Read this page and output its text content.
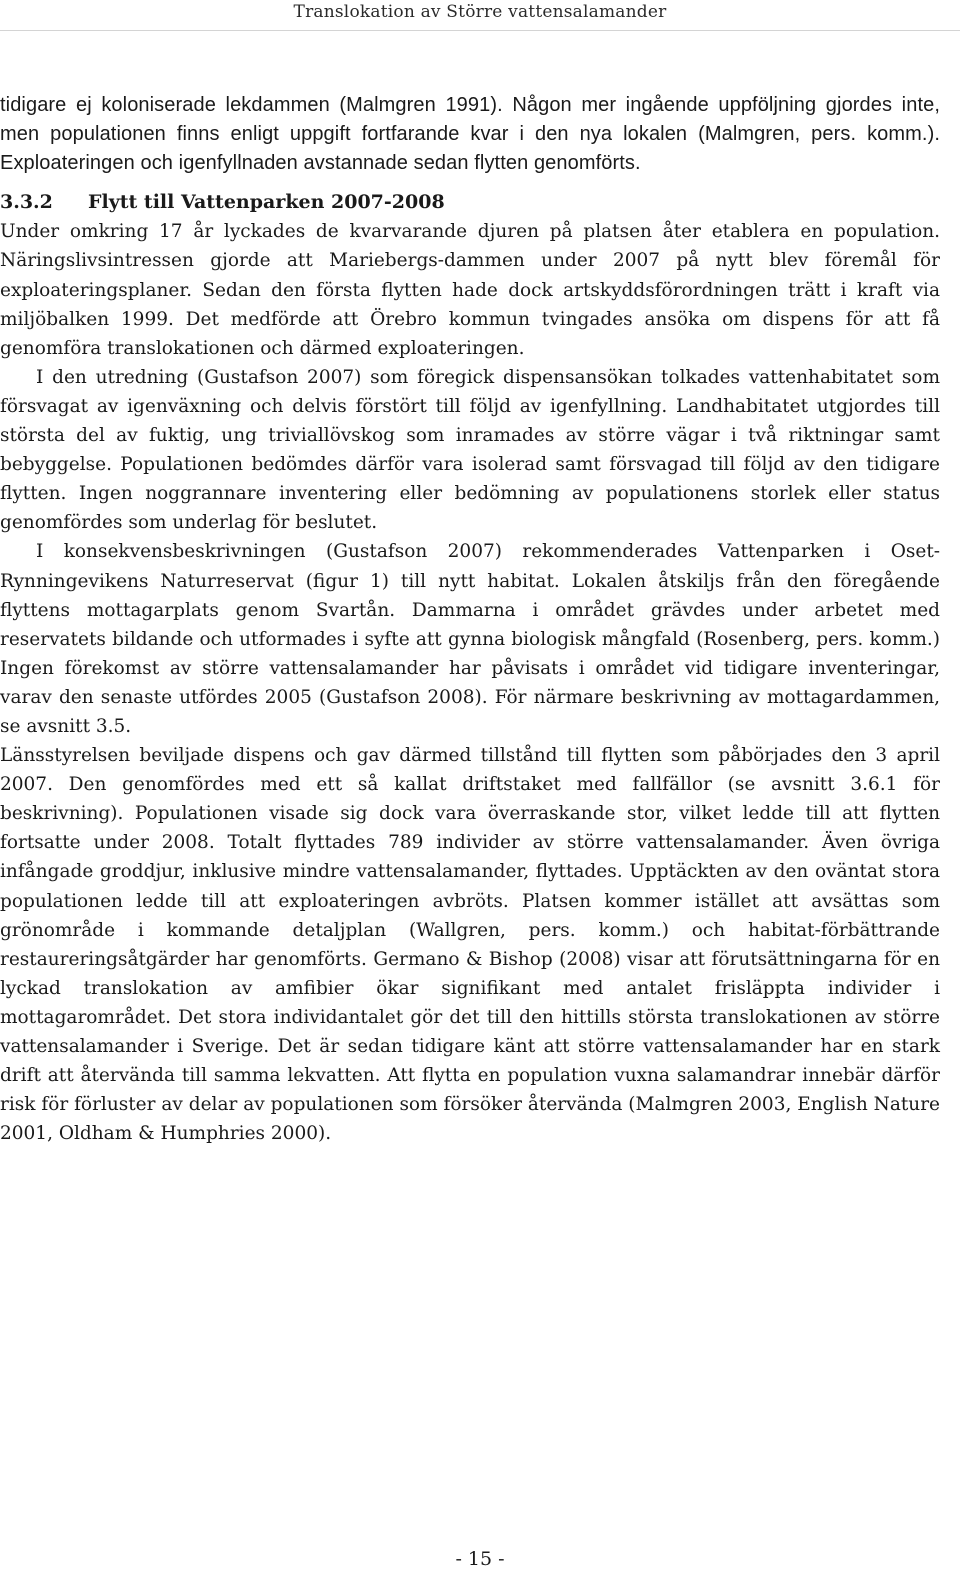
Translokation av Större vattensalamander

tidigare ej koloniserade lekdammen (Malmgren 1991). Någon mer ingående uppföljning gjordes inte, men populationen finns enligt uppgift fortfarande kvar i den nya lokalen (Malmgren, pers. komm.). Exploateringen och igenfyllnaden avstannade sedan flytten genomförts.

3.3.2 Flytt till Vattenparken 2007-2008

Under omkring 17 år lyckades de kvarvarande djuren på platsen åter etablera en population. Näringslivsintressen gjorde att Mariebergs-dammen under 2007 på nytt blev föremål för exploateringsplaner. Sedan den första flytten hade dock artskyddsförordningen trätt i kraft via miljöbalken 1999. Det medförde att Örebro kommun tvingades ansöka om dispens för att få genomföra translokationen och därmed exploateringen.

I den utredning (Gustafson 2007) som föregick dispensansökan tolkades vattenhabitatet som försvagat av igenväxning och delvis förstört till följd av igenfyllning. Landhabitatet utgjordes till största del av fuktig, ung triviallövskog som inramades av större vägar i två riktningar samt bebyggelse. Populationen bedömdes därför vara isolerad samt försvagad till följd av den tidigare flytten. Ingen noggrannare inventering eller bedömning av populationens storlek eller status genomfördes som underlag för beslutet.

I konsekvensbeskrivningen (Gustafson 2007) rekommenderades Vattenparken i Oset-Rynningevikens Naturreservat (figur 1) till nytt habitat. Lokalen åtskiljs från den föregående flyttens mottagarplats genom Svartån. Dammarna i området grävdes under arbetet med reservatets bildande och utformades i syfte att gynna biologisk mångfald (Rosenberg, pers. komm.) Ingen förekomst av större vattensalamander har påvisats i området vid tidigare inventeringar, varav den senaste utfördes 2005 (Gustafson 2008). För närmare beskrivning av mottagardammen, se avsnitt 3.5.

Länsstyrelsen beviljade dispens och gav därmed tillstånd till flytten som påbörjades den 3 april 2007. Den genomfördes med ett så kallat driftstaket med fallfällor (se avsnitt 3.6.1 för beskrivning). Populationen visade sig dock vara överraskande stor, vilket ledde till att flytten fortsatte under 2008. Totalt flyttades 789 individer av större vattensalamander. Även övriga infångade groddjur, inklusive mindre vattensalamander, flyttades. Upptäckten av den oväntat stora populationen ledde till att exploateringen avbröts. Platsen kommer istället att avsättas som grönområde i kommande detaljplan (Wallgren, pers. komm.) och habitat-förbättrande restaureringsåtgärder har genomförts. Germano & Bishop (2008) visar att förutsättningarna för en lyckad translokation av amfibier ökar signifikant med antalet frisläppta individer i mottagarområdet. Det stora individantalet gör det till den hittills största translokationen av större vattensalamander i Sverige. Det är sedan tidigare känt att större vattensalamander har en stark drift att återvända till samma lekvatten. Att flytta en population vuxna salamandrar innebär därför risk för förluster av delar av populationen som försöker återvända (Malmgren 2003, English Nature 2001, Oldham & Humphries 2000).

- 15 -
